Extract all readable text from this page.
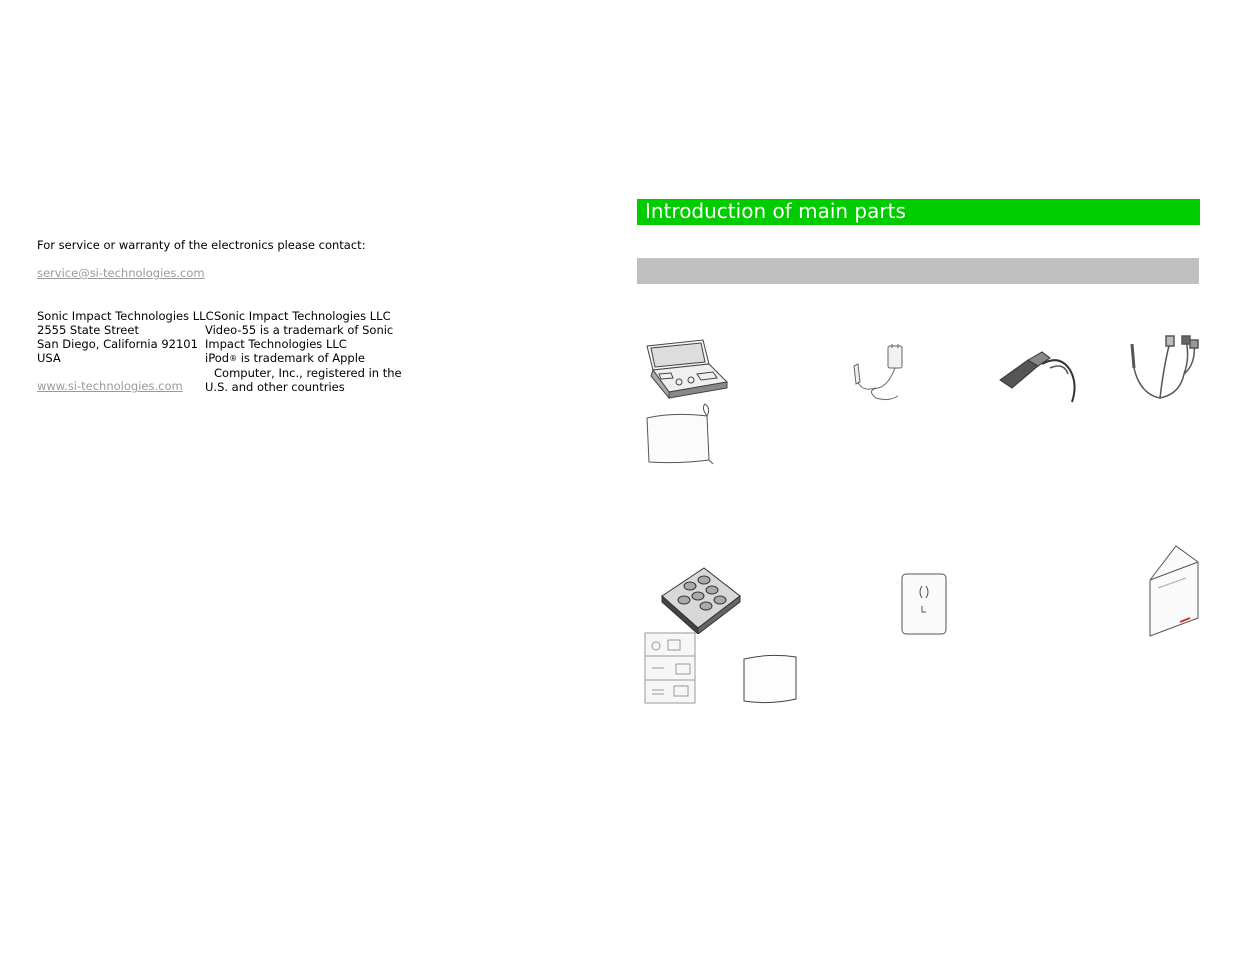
For service or warranty of the electronics please contact:
service@si-technologies.com

Sonic Impact Technologies LLC

2555 State Street

San Diego, California 92101

USA

www.si-technologies.com

Sonic Impact Technologies LLC

Video-55 is a trademark of Sonic

Impact Technologies LLC

iPod® is trademark of Apple

Computer, Inc., registered in the

U.S. and other countries

Introduction of main parts
